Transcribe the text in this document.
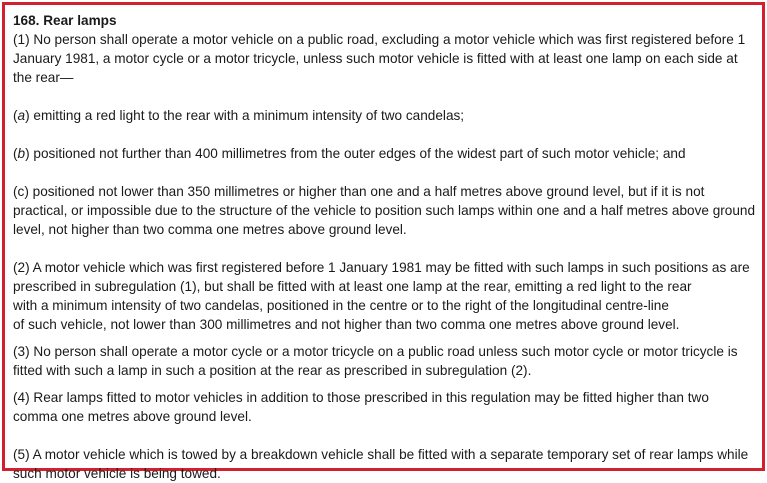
168. Rear lamps

(1) No person shall operate a motor vehicle on a public road, excluding a motor vehicle which was first registered before 1 January 1981, a motor cycle or a motor tricycle, unless such motor vehicle is fitted with at least one lamp on each side at the rear—

(a) emitting a red light to the rear with a minimum intensity of two candelas;

(b) positioned not further than 400 millimetres from the outer edges of the widest part of such motor vehicle; and

(c) positioned not lower than 350 millimetres or higher than one and a half metres above ground level, but if it is not practical, or impossible due to the structure of the vehicle to position such lamps within one and a half metres above ground level, not higher than two comma one metres above ground level.

(2) A motor vehicle which was first registered before 1 January 1981 may be fitted with such lamps in such positions as are
prescribed in subregulation (1), but shall be fitted with at least one lamp at the rear, emitting a red light to the rear
with a minimum intensity of two candelas, positioned in the centre or to the right of the longitudinal centre-line
of such vehicle, not lower than 300 millimetres and not higher than two comma one metres above ground level.

(3) No person shall operate a motor cycle or a motor tricycle on a public road unless such motor cycle or motor tricycle is fitted with such a lamp in such a position at the rear as prescribed in subregulation (2).

(4) Rear lamps fitted to motor vehicles in addition to those prescribed in this regulation may be fitted higher than two comma one metres above ground level.

(5) A motor vehicle which is towed by a breakdown vehicle shall be fitted with a separate temporary set of rear lamps while such motor vehicle is being towed.
